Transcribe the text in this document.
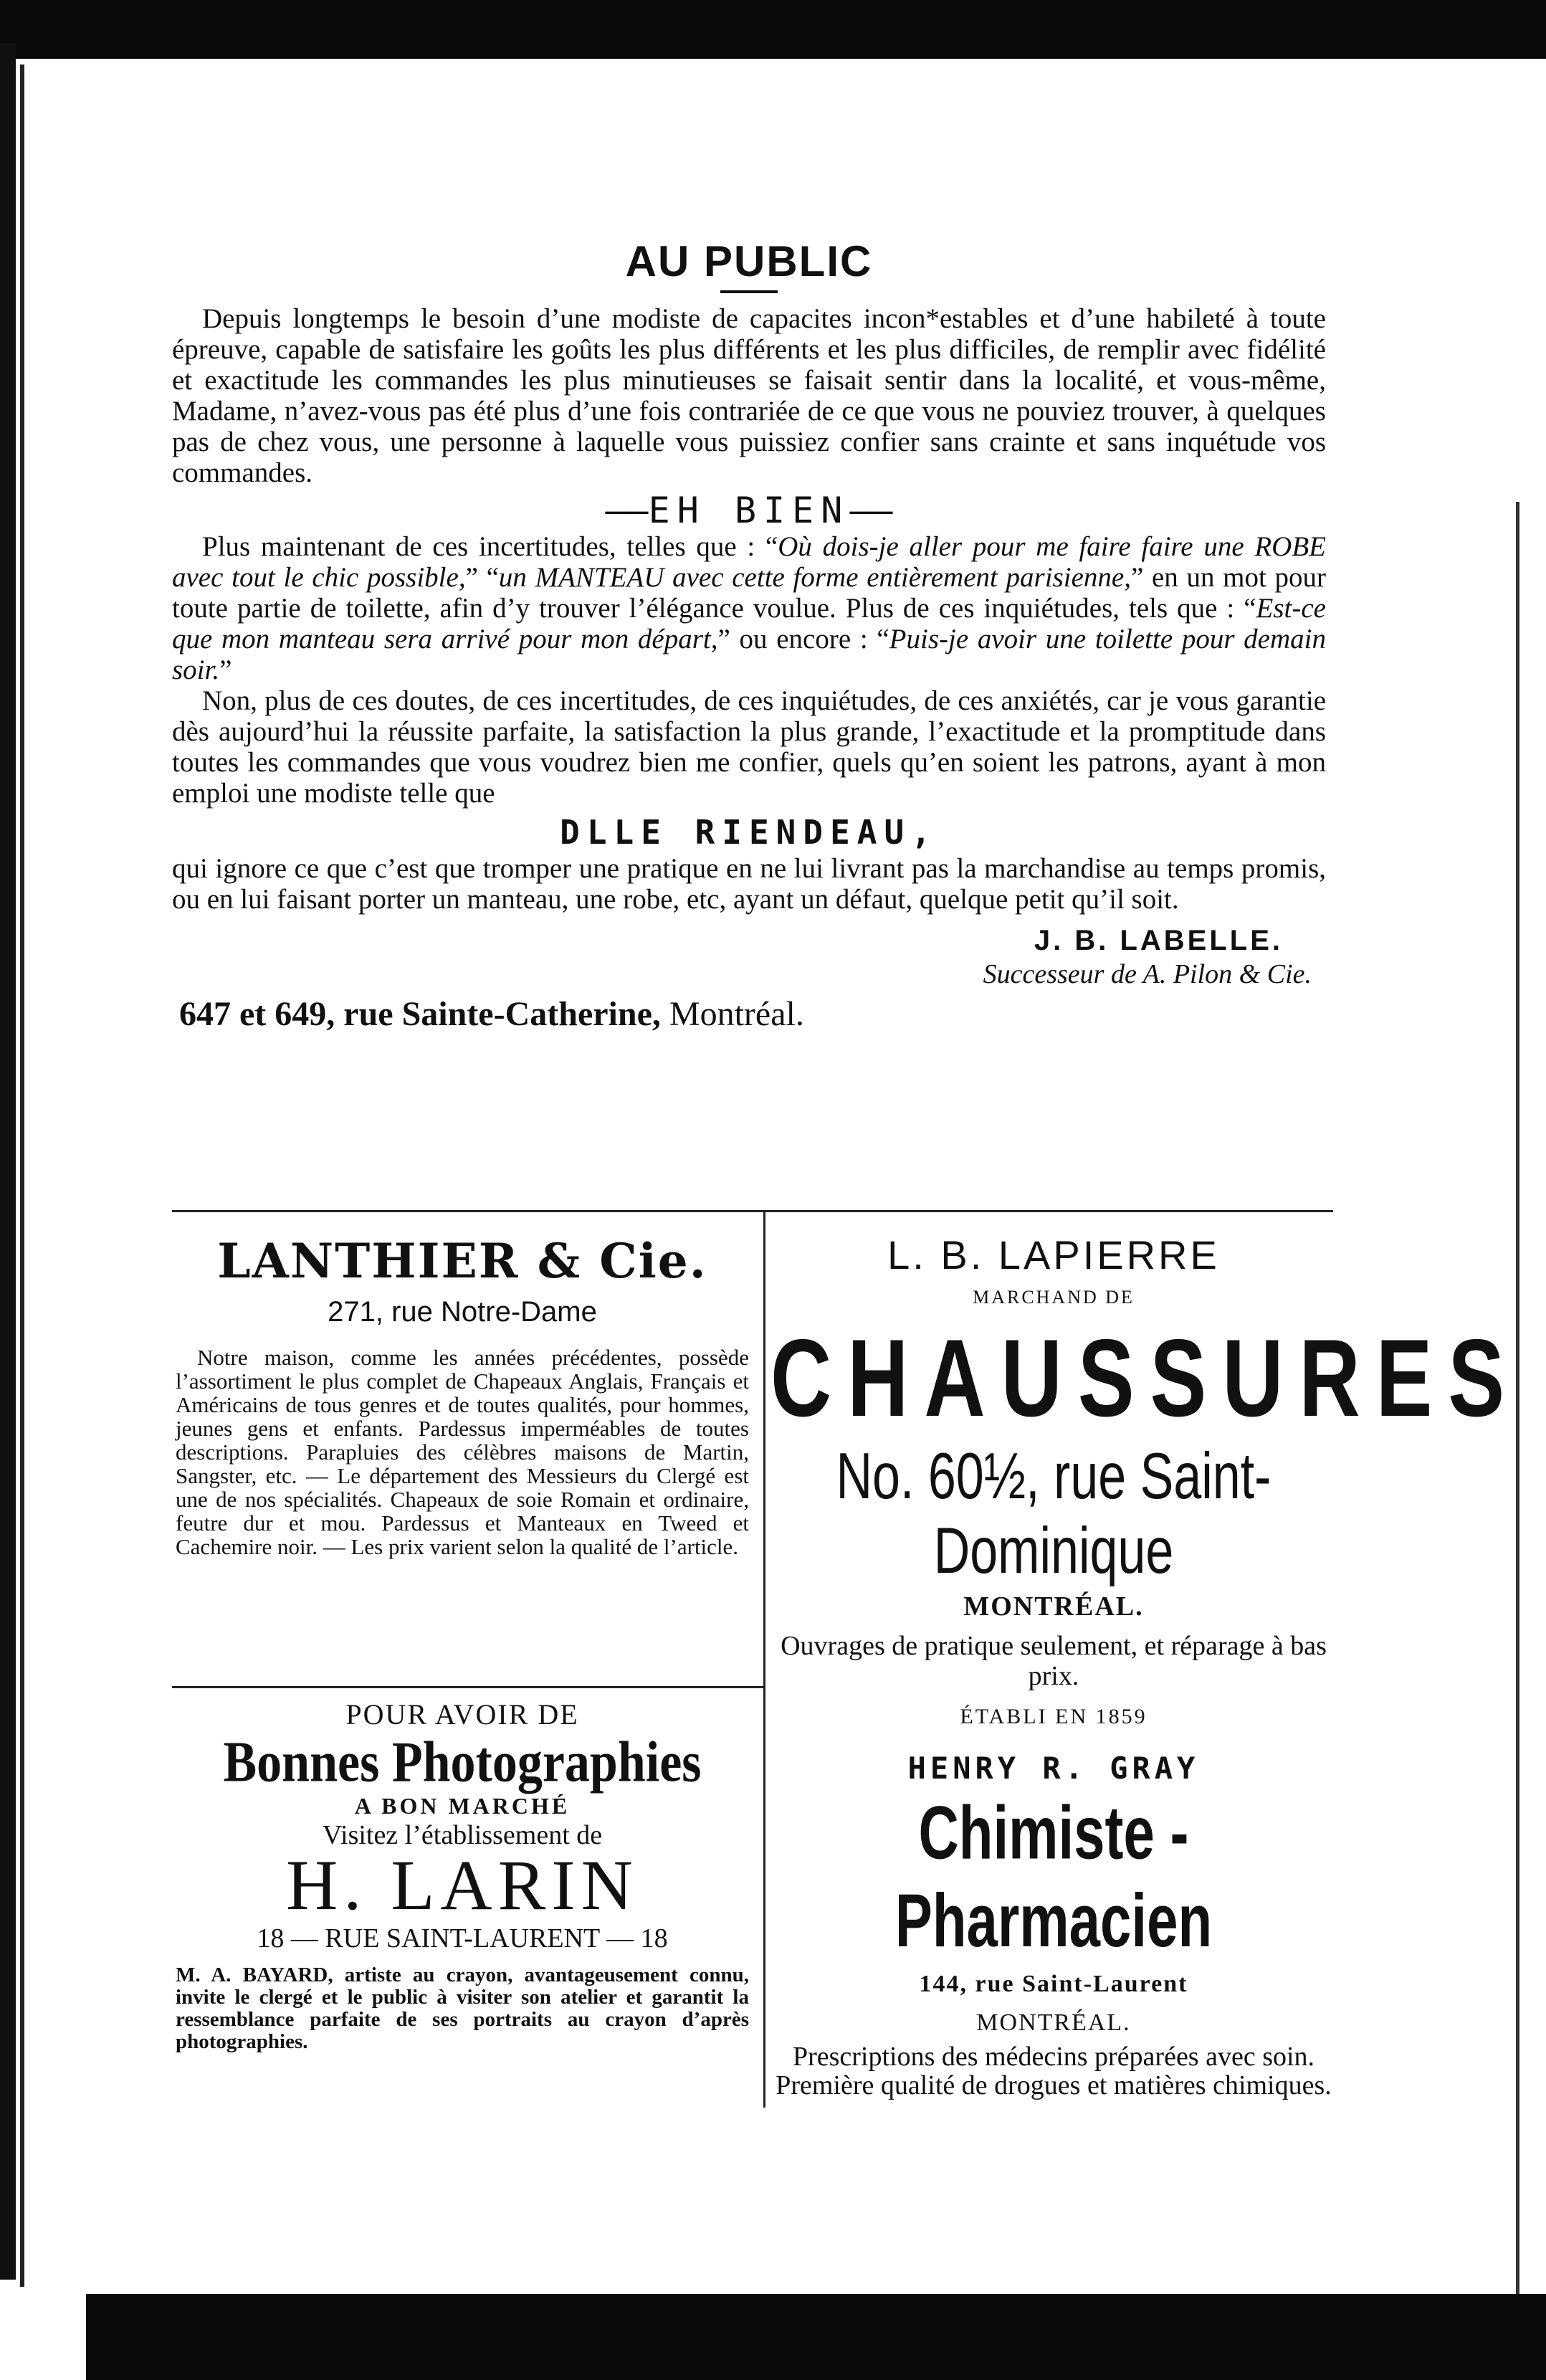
AU PUBLIC

Depuis longtemps le besoin d’une modiste de capacites incon*estables et d’une habileté à toute épreuve, capable de satisfaire les goûts les plus différents et les plus difficiles, de remplir avec fidélité et exactitude les commandes les plus minutieuses se faisait sentir dans la localité, et vous-même, Madame, n’avez-vous pas été plus d’une fois contrariée de ce que vous ne pouviez trouver, à quelques pas de chez vous, une personne à laquelle vous puissiez confier sans crainte et sans inquétude vos commandes.

——EH BIEN——

Plus maintenant de ces incertitudes, telles que : “Où dois-je aller pour me faire faire une ROBE avec tout le chic possible,” “un MANTEAU avec cette forme entièrement parisienne,” en un mot pour toute partie de toilette, afin d’y trouver l’élégance voulue. Plus de ces inquiétudes, tels que : “Est-ce que mon manteau sera arrivé pour mon départ,” ou encore : “Puis-je avoir une toilette pour demain soir.”

Non, plus de ces doutes, de ces incertitudes, de ces inquiétudes, de ces anxiétés, car je vous garantie dès aujourd’hui la réussite parfaite, la satisfaction la plus grande, l’exactitude et la promptitude dans toutes les commandes que vous voudrez bien me confier, quels qu’en soient les patrons, ayant à mon emploi une modiste telle que

DLLE RIENDEAU,

qui ignore ce que c’est que tromper une pratique en ne lui livrant pas la marchandise au temps promis, ou en lui faisant porter un manteau, une robe, etc, ayant un défaut, quelque petit qu’il soit.

J. B. LABELLE.
Successeur de A. Pilon & Cie.
647 et 649, rue Sainte-Catherine, Montréal.
LANTHIER & Cie.
271, rue Notre-Dame
Notre maison, comme les années précédentes, possède l’assortiment le plus complet de Chapeaux Anglais, Français et Américains de tous genres et de toutes qualités, pour hommes, jeunes gens et enfants. Pardessus imperméables de toutes descriptions. Parapluies des célèbres maisons de Martin, Sangster, etc. — Le département des Messieurs du Clergé est une de nos spécialités. Chapeaux de soie Romain et ordinaire, feutre dur et mou. Pardessus et Manteaux en Tweed et Cachemire noir. — Les prix varient selon la qualité de l’article.
L. B. LAPIERRE
MARCHAND DE
CHAUSSURES
No. 60½, rue Saint-Dominique
MONTRÉAL.
Ouvrages de pratique seulement, et réparage à bas prix.
POUR AVOIR DE
Bonnes Photographies
A BON MARCHÉ
Visitez l’établissement de
H. LARIN
18 — RUE SAINT-LAURENT — 18
M. A. BAYARD, artiste au crayon, avantageusement connu, invite le clergé et le public à visiter son atelier et garantit la ressemblance parfaite de ses portraits au crayon d’après photographies.
ÉTABLI EN 1859
HENRY R. GRAY
Chimiste - Pharmacien
144, rue Saint-Laurent
MONTRÉAL.
Prescriptions des médecins préparées avec soin. Première qualité de drogues et matières chimiques.
